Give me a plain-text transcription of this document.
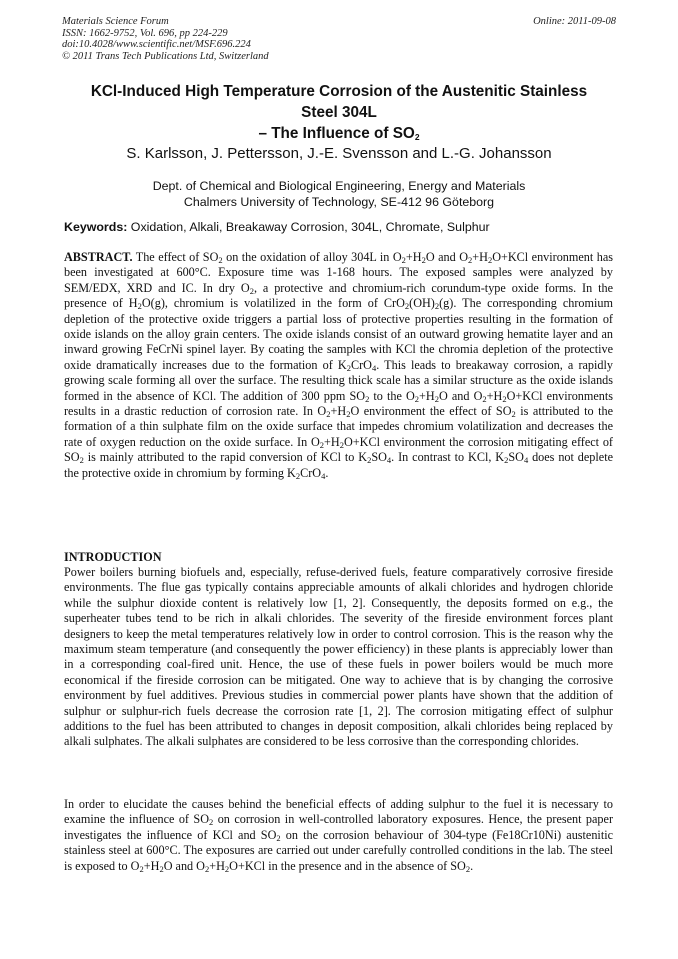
Materials Science Forum
ISSN: 1662-9752, Vol. 696, pp 224-229
doi:10.4028/www.scientific.net/MSF.696.224
© 2011 Trans Tech Publications Ltd, Switzerland
Online: 2011-09-08
KCl-Induced High Temperature Corrosion of the Austenitic Stainless
Steel 304L
– The Influence of $SO_2$
S. Karlsson, J. Pettersson, J.-E. Svensson and L.-G. Johansson
Dept. of Chemical and Biological Engineering, Energy and Materials
Chalmers University of Technology, SE-412 96 Göteborg
Keywords: Oxidation, Alkali, Breakaway Corrosion, 304L, Chromate, Sulphur
ABSTRACT. The effect of $SO_2$ on the oxidation of alloy 304L in $O_2+H_2O$ and $O_2+H_2O+KCl$ environment has been investigated at 600°C. Exposure time was 1-168 hours. The exposed samples were analyzed by SEM/EDX, XRD and IC. In dry $O_2$, a protective and chromium-rich corundum-type oxide forms. In the presence of $H_2O(g)$, chromium is volatilized in the form of $CrO_2(OH)_2(g)$. The corresponding chromium depletion of the protective oxide triggers a partial loss of protective properties resulting in the formation of oxide islands on the alloy grain centers. The oxide islands consist of an outward growing hematite layer and an inward growing FeCrNi spinel layer. By coating the samples with KCl the chromia depletion of the protective oxide dramatically increases due to the formation of $K_2CrO_4$. This leads to breakaway corrosion, a rapidly growing scale forming all over the surface. The resulting thick scale has a similar structure as the oxide islands formed in the absence of KCl. The addition of 300 ppm $SO_2$ to the $O_2+H_2O$ and $O_2+H_2O+KCl$ environments results in a drastic reduction of corrosion rate. In $O_2+H_2O$ environment the effect of $SO_2$ is attributed to the formation of a thin sulphate film on the oxide surface that impedes chromium volatilization and decreases the rate of oxygen reduction on the oxide surface. In $O_2+H_2O+KCl$ environment the corrosion mitigating effect of $SO_2$ is mainly attributed to the rapid conversion of KCl to $K_2SO_4$. In contrast to KCl, $K_2SO_4$ does not deplete the protective oxide in chromium by forming $K_2CrO_4$.
INTRODUCTION
Power boilers burning biofuels and, especially, refuse-derived fuels, feature comparatively corrosive fireside environments. The flue gas typically contains appreciable amounts of alkali chlorides and hydrogen chloride while the sulphur dioxide content is relatively low [1, 2]. Consequently, the deposits formed on e.g., the superheater tubes tend to be rich in alkali chlorides. The severity of the fireside environment forces plant designers to keep the metal temperatures relatively low in order to control corrosion. This is the reason why the maximum steam temperature (and consequently the power efficiency) in these plants is appreciably lower than in a corresponding coal-fired unit. Hence, the use of these fuels in power boilers would be much more economical if the fireside corrosion can be mitigated. One way to achieve that is by changing the corrosive environment by fuel additives. Previous studies in commercial power plants have shown that the addition of sulphur or sulphur-rich fuels decrease the corrosion rate [1, 2]. The corrosion mitigating effect of sulphur additions to the fuel has been attributed to changes in deposit composition, alkali chlorides being replaced by alkali sulphates. The alkali sulphates are considered to be less corrosive than the corresponding chlorides.
In order to elucidate the causes behind the beneficial effects of adding sulphur to the fuel it is necessary to examine the influence of $SO_2$ on corrosion in well-controlled laboratory exposures. Hence, the present paper investigates the influence of KCl and $SO_2$ on the corrosion behaviour of 304-type (Fe18Cr10Ni) austenitic stainless steel at 600°C. The exposures are carried out under carefully controlled conditions in the lab. The steel is exposed to $O_2+H_2O$ and $O_2+H_2O+KCl$ in the presence and in the absence of $SO_2$.
